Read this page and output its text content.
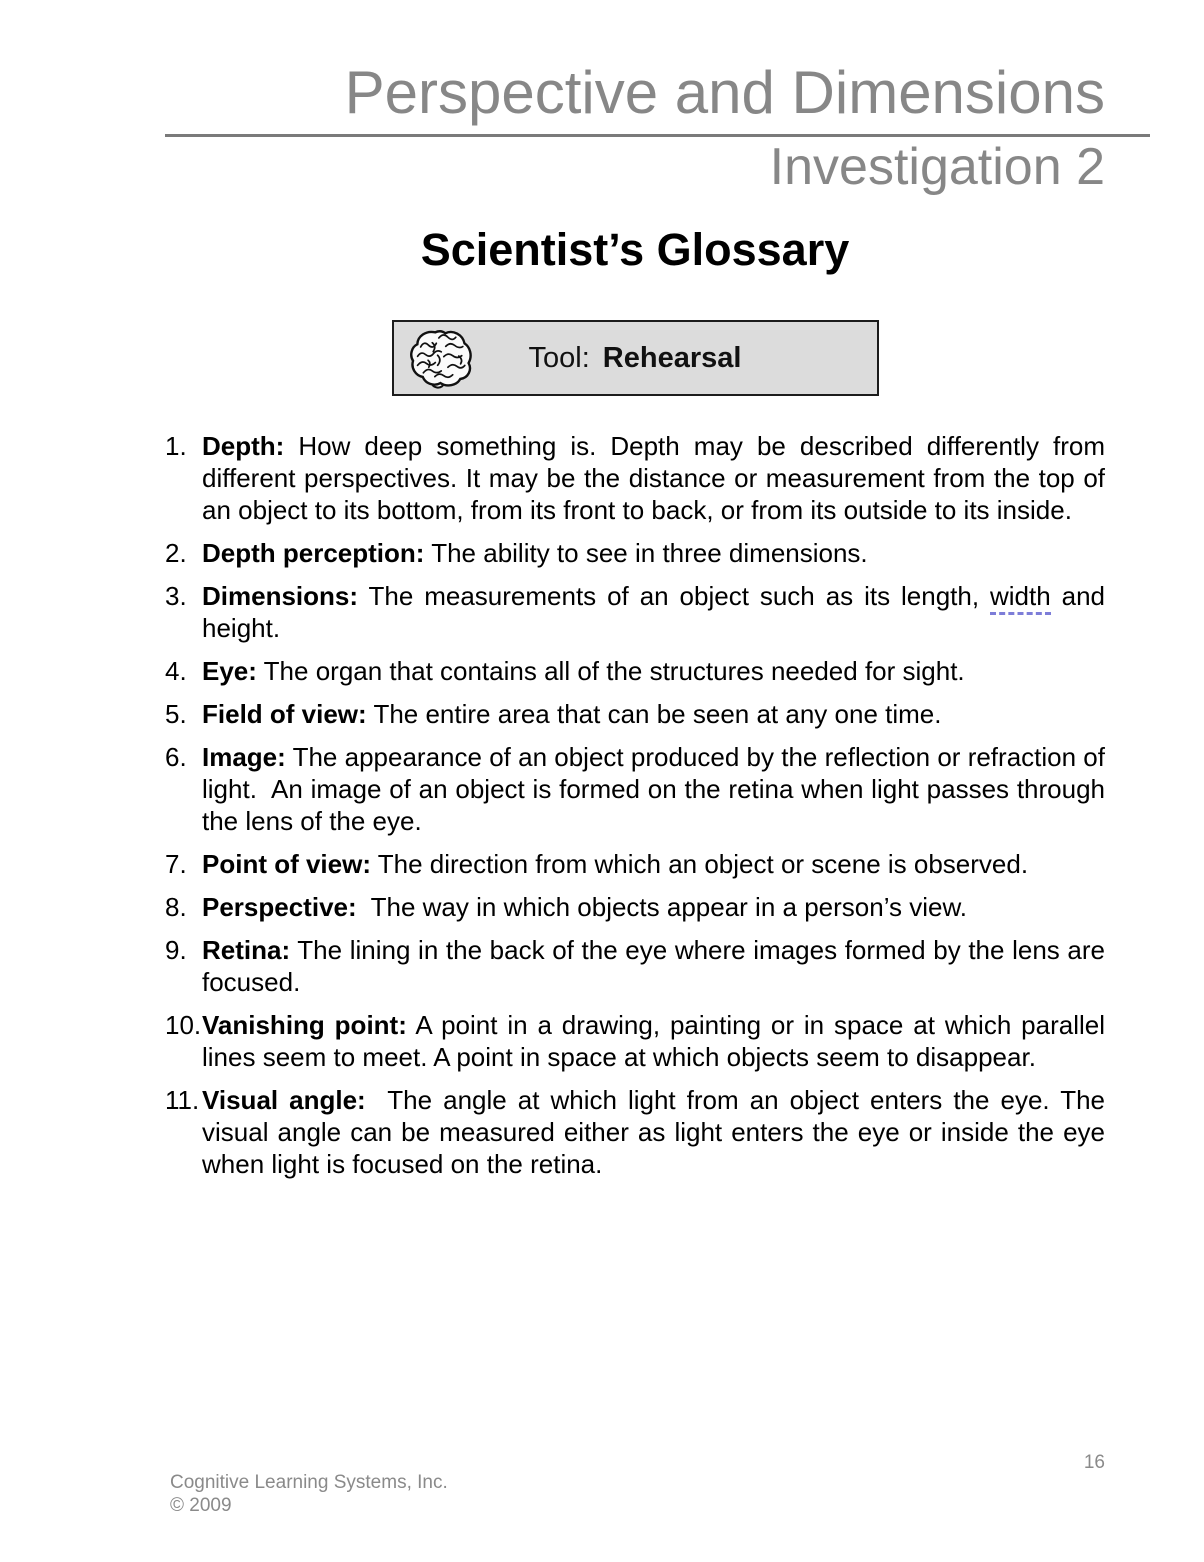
Perspective and Dimensions
Investigation 2
Scientist’s Glossary
Tool: Rehearsal
1. Depth: How deep something is. Depth may be described differently from different perspectives. It may be the distance or measurement from the top of an object to its bottom, from its front to back, or from its outside to its inside.
2. Depth perception: The ability to see in three dimensions.
3. Dimensions: The measurements of an object such as its length, width and height.
4. Eye: The organ that contains all of the structures needed for sight.
5. Field of view: The entire area that can be seen at any one time.
6. Image: The appearance of an object produced by the reflection or refraction of light.  An image of an object is formed on the retina when light passes through the lens of the eye.
7. Point of view: The direction from which an object or scene is observed.
8. Perspective:  The way in which objects appear in a person’s view.
9. Retina: The lining in the back of the eye where images formed by the lens are focused.
10. Vanishing point: A point in a drawing, painting or in space at which parallel lines seem to meet. A point in space at which objects seem to disappear.
11. Visual angle:  The angle at which light from an object enters the eye. The visual angle can be measured either as light enters the eye or inside the eye when light is focused on the retina.
Cognitive Learning Systems, Inc.
© 2009
16
